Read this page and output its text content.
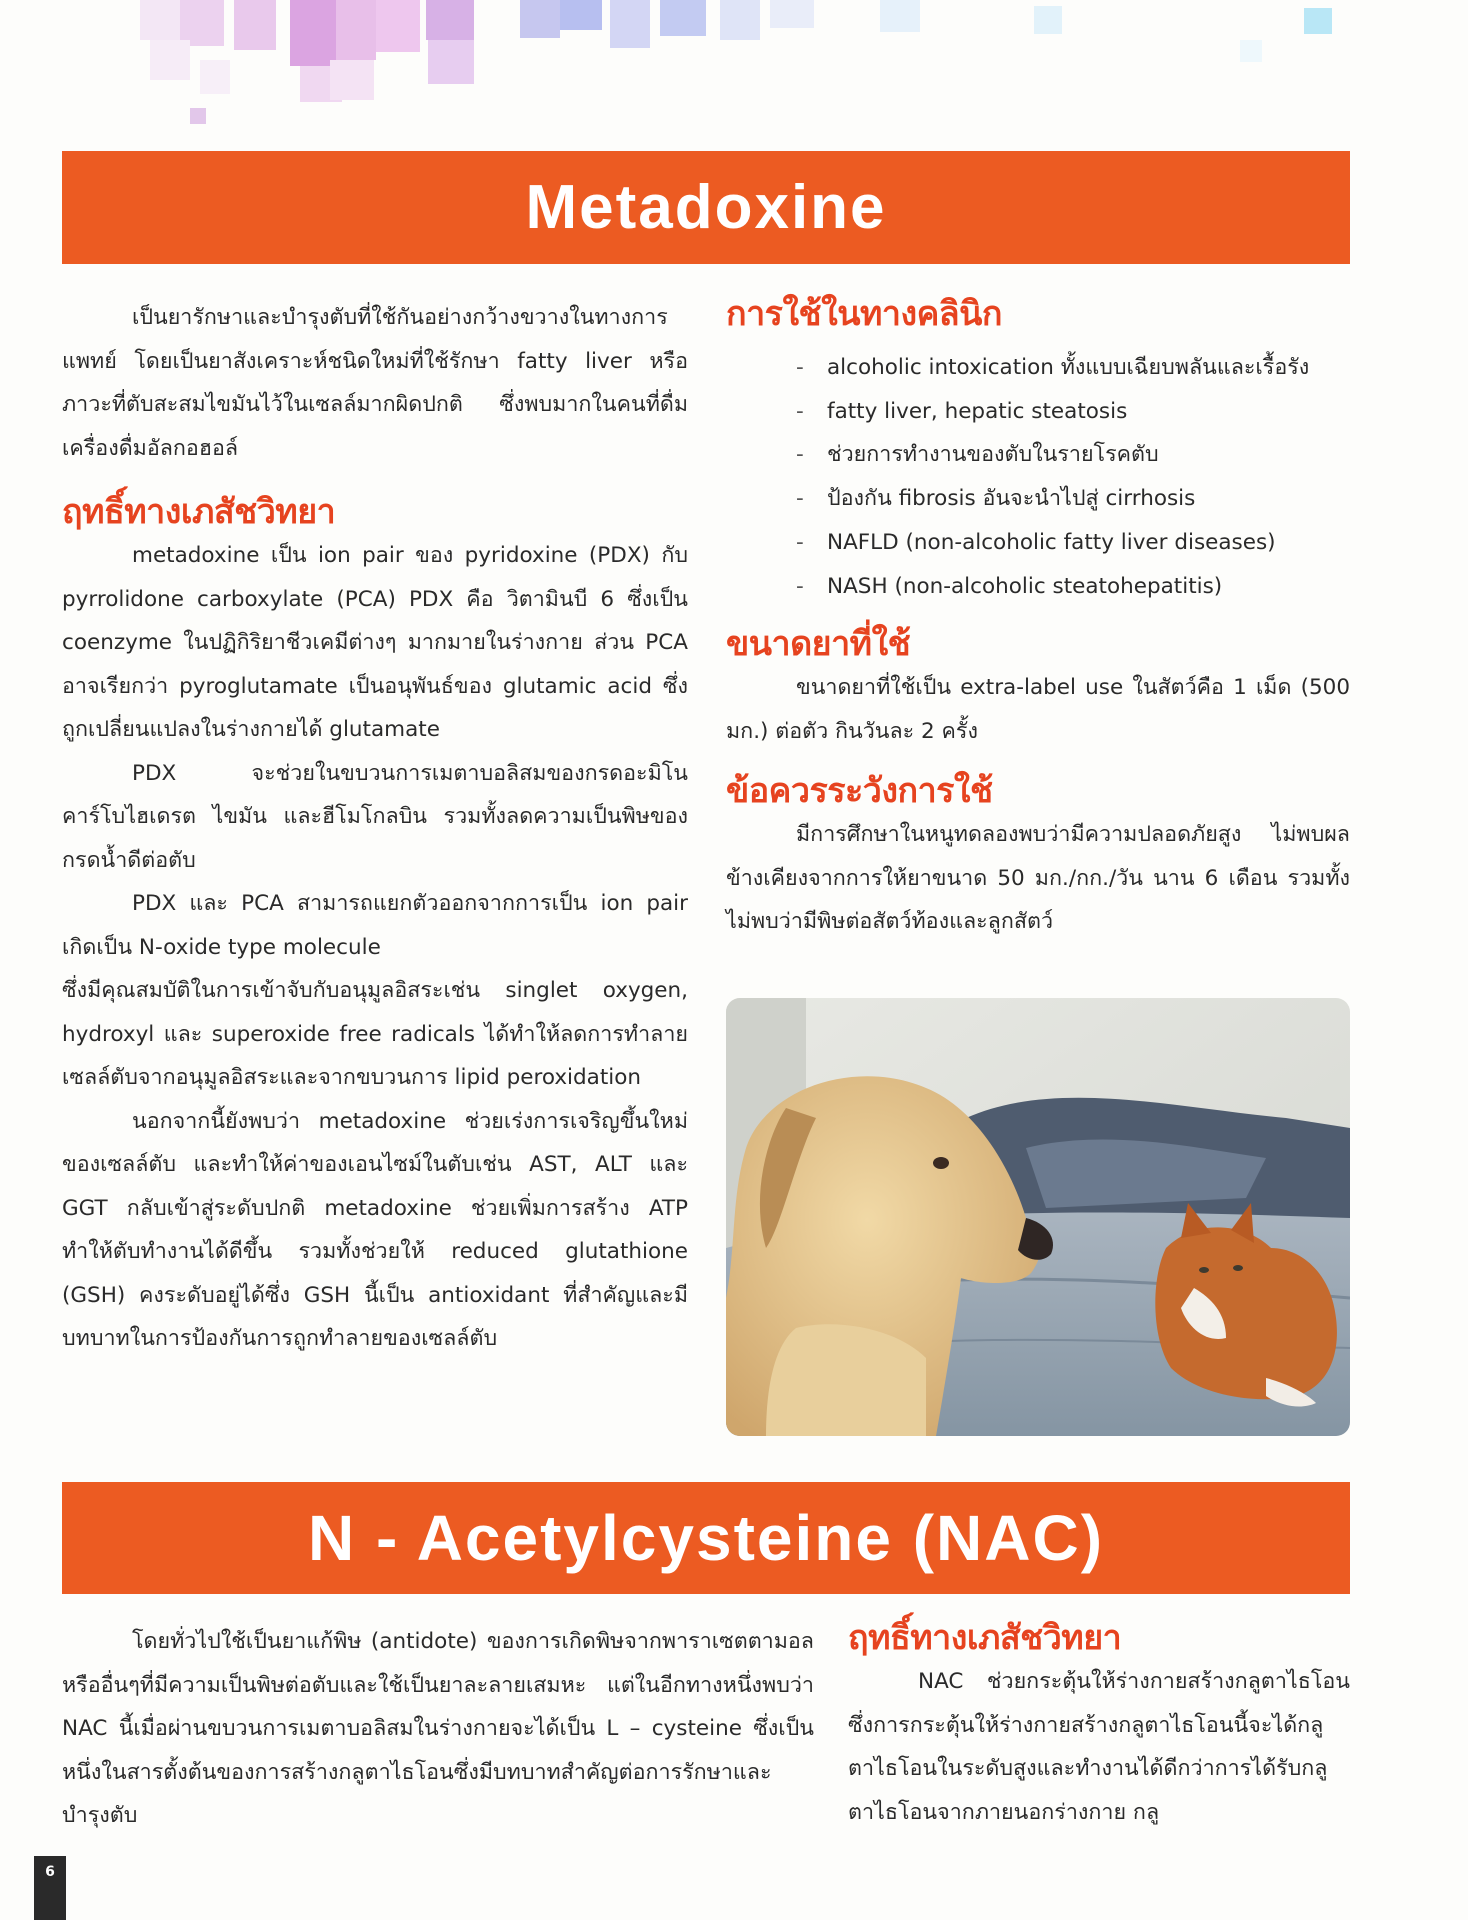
Metadoxine

เป็นยารักษาและบำรุงตับที่ใช้กันอย่างกว้างขวางในทางการแพทย์ โดยเป็นยาสังเคราะห์ชนิดใหม่ที่ใช้รักษา fatty liver หรือภาวะที่ตับสะสมไขมันไว้ในเซลล์มากผิดปกติ ซึ่งพบมากในคนที่ดื่มเครื่องดื่มอัลกอฮอล์

ฤทธิ์ทางเภสัชวิทยา

metadoxine เป็น ion pair ของ pyridoxine (PDX) กับ pyrrolidone carboxylate (PCA) PDX คือ วิตามินบี 6 ซึ่งเป็น coenzyme ในปฏิกิริยาชีวเคมีต่างๆ มากมายในร่างกาย ส่วน PCA อาจเรียกว่า pyroglutamate เป็นอนุพันธ์ของ glutamic acid ซึ่งถูกเปลี่ยนแปลงในร่างกายได้ glutamate

PDX จะช่วยในขบวนการเมตาบอลิสมของกรดอะมิโน คาร์โบไฮเดรต ไขมัน และฮีโมโกลบิน รวมทั้งลดความเป็นพิษของกรดน้ำดีต่อตับ

PDX และ PCA สามารถแยกตัวออกจากการเป็น ion pair เกิดเป็น N-oxide type molecule

ซึ่งมีคุณสมบัติในการเข้าจับกับอนุมูลอิสระเช่น singlet oxygen, hydroxyl และ superoxide free radicals ได้ทำให้ลดการทำลายเซลล์ตับจากอนุมูลอิสระและจากขบวนการ lipid peroxidation

นอกจากนี้ยังพบว่า metadoxine ช่วยเร่งการเจริญขึ้นใหม่ของเซลล์ตับ และทำให้ค่าของเอนไซม์ในตับเช่น AST, ALT และ GGT กลับเข้าสู่ระดับปกติ metadoxine ช่วยเพิ่มการสร้าง ATP ทำให้ตับทำงานได้ดีขึ้น รวมทั้งช่วยให้ reduced glutathione (GSH) คงระดับอยู่ได้ซึ่ง GSH นี้เป็น antioxidant ที่สำคัญและมีบทบาทในการป้องกันการถูกทำลายของเซลล์ตับ

การใช้ในทางคลินิก
- alcoholic intoxication ทั้งแบบเฉียบพลันและเรื้อรัง
- fatty liver, hepatic steatosis
- ช่วยการทำงานของตับในรายโรคตับ
- ป้องกัน fibrosis อันจะนำไปสู่ cirrhosis
- NAFLD (non-alcoholic fatty liver diseases)
- NASH (non-alcoholic steatohepatitis)
ขนาดยาที่ใช้

ขนาดยาที่ใช้เป็น extra-label use ในสัตว์คือ 1 เม็ด (500 มก.) ต่อตัว กินวันละ 2 ครั้ง

ข้อควรระวังการใช้

มีการศึกษาในหนูทดลองพบว่ามีความปลอดภัยสูง ไม่พบผลข้างเคียงจากการให้ยาขนาด 50 มก./กก./วัน นาน 6 เดือน รวมทั้งไม่พบว่ามีพิษต่อสัตว์ท้องและลูกสัตว์

N - Acetylcysteine (NAC)

โดยทั่วไปใช้เป็นยาแก้พิษ (antidote) ของการเกิดพิษจากพาราเซตตามอลหรืออื่นๆที่มีความเป็นพิษต่อตับและใช้เป็นยาละลายเสมหะ แต่ในอีกทางหนึ่งพบว่า NAC นี้เมื่อผ่านขบวนการเมตาบอลิสมในร่างกายจะได้เป็น L – cysteine ซึ่งเป็นหนึ่งในสารตั้งต้นของการสร้างกลูตาไธโอนซึ่งมีบทบาทสำคัญต่อการรักษาและบำรุงตับ

ฤทธิ์ทางเภสัชวิทยา

NAC ช่วยกระตุ้นให้ร่างกายสร้างกลูตาไธโอนซึ่งการกระตุ้นให้ร่างกายสร้างกลูตาไธโอนนี้จะได้กลูตาไธโอนในระดับสูงและทำงานได้ดีกว่าการได้รับกลูตาไธโอนจากภายนอกร่างกาย กลู

6
